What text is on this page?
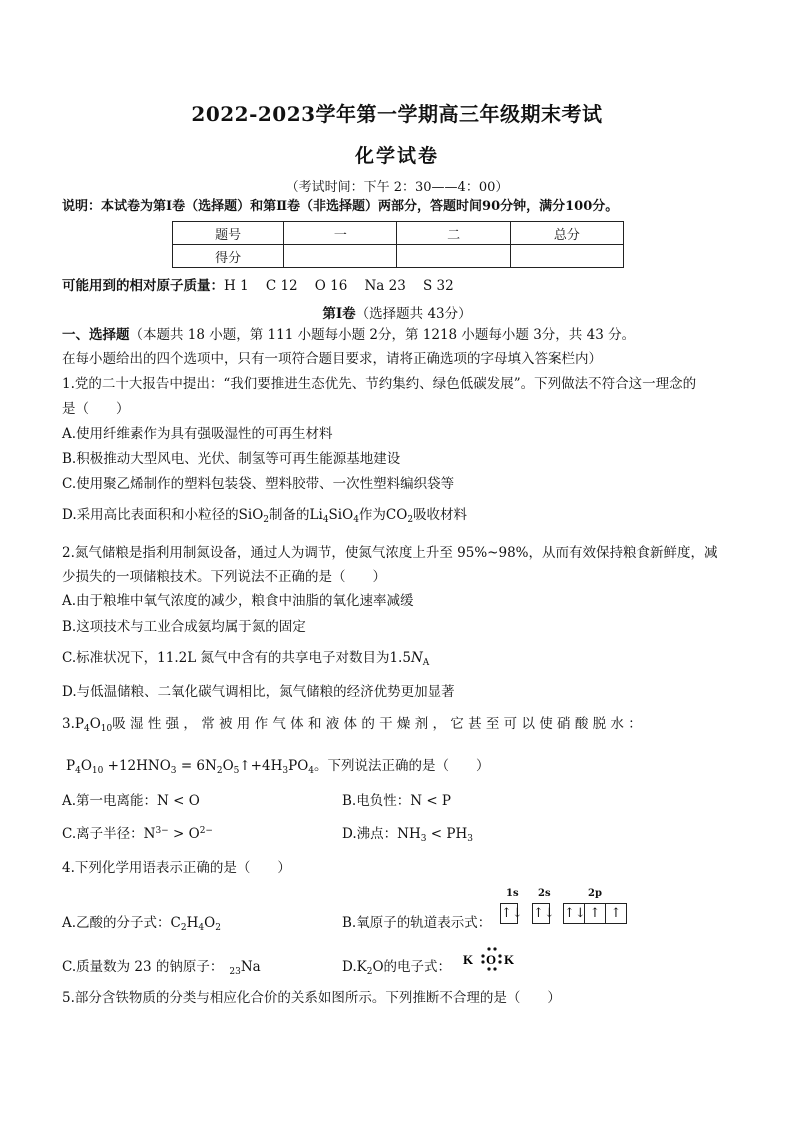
2022-2023学年第一学期高三年级期末考试
化学试卷
（考试时间：下午 2：30——4：00）
说明：本试卷为第Ⅰ卷（选择题）和第Ⅱ卷（非选择题）两部分，答题时间90分钟，满分100分。
题号	一	二	总分
得分			
可能用到的相对原子质量：H 1    C 12    O 16    Na 23    S 32
第Ⅰ卷（选择题共 43分）
一、选择题（本题共 18 小题，第 111 小题每小题 2分，第 1218 小题每小题 3分，共 43 分。
在每小题给出的四个选项中，只有一项符合题目要求，请将正确选项的字母填入答案栏内）
1.党的二十大报告中提出：“我们要推进生态优先、节约集约、绿色低碳发展”。下列做法不符合这一理念的
是（　　）
A.使用纤维素作为具有强吸湿性的可再生材料
B.积极推动大型风电、光伏、制氢等可再生能源基地建设
C.使用聚乙烯制作的塑料包装袋、塑料胶带、一次性塑料编织袋等
D.采用高比表面积和小粒径的SiO$_2$制备的$Li_4SiO_4$作为$CO_2$吸收材料
2.氮气储粮是指利用制氮设备，通过人为调节，使氮气浓度上升至 95%~98%，从而有效保持粮食新鲜度，减
少损失的一项储粮技术。下列说法不正确的是（　　）
A.由于粮堆中氧气浓度的减少，粮食中油脂的氧化速率减缓
B.这项技术与工业合成氨均属于氮的固定
C.标准状况下，11.2L 氮气中含有的共享电子对数目为$1.5N_A$
D.与低温储粮、二氧化碳气调相比，氮气储粮的经济优势更加显著
$3.P_4O_{10}$吸 湿 性 强 ， 常 被 用 作 气 体 和 液 体 的 干 燥 剂 ， 它 甚 至 可 以 使 硝 酸 脱 水 ：
$P_4O_{10} +12HNO_3$ = $6N_2O_5↑+4H_3PO_4$。下列说法正确的是（　　）
A.第一电离能：N < O	B.电负性：N < P
C.离子半径：$N^{3-} > O^{2-}$	D.沸点：$NH_3 < PH_3$
4.下列化学用语表示正确的是（　　）
A.乙酸的分子式：$C_2H_4O_2$	B.氧原子的轨道表示式：
1s 2s	2p
↑↓ ↑↓ ↑↓ ↑ ↑
C.质量数为 23 的钠原子： $_{23}$Na	$D.K_2O$的电子式： K O K
5.部分含铁物质的分类与相应化合价的关系如图所示。下列推断不合理的是（　　）
